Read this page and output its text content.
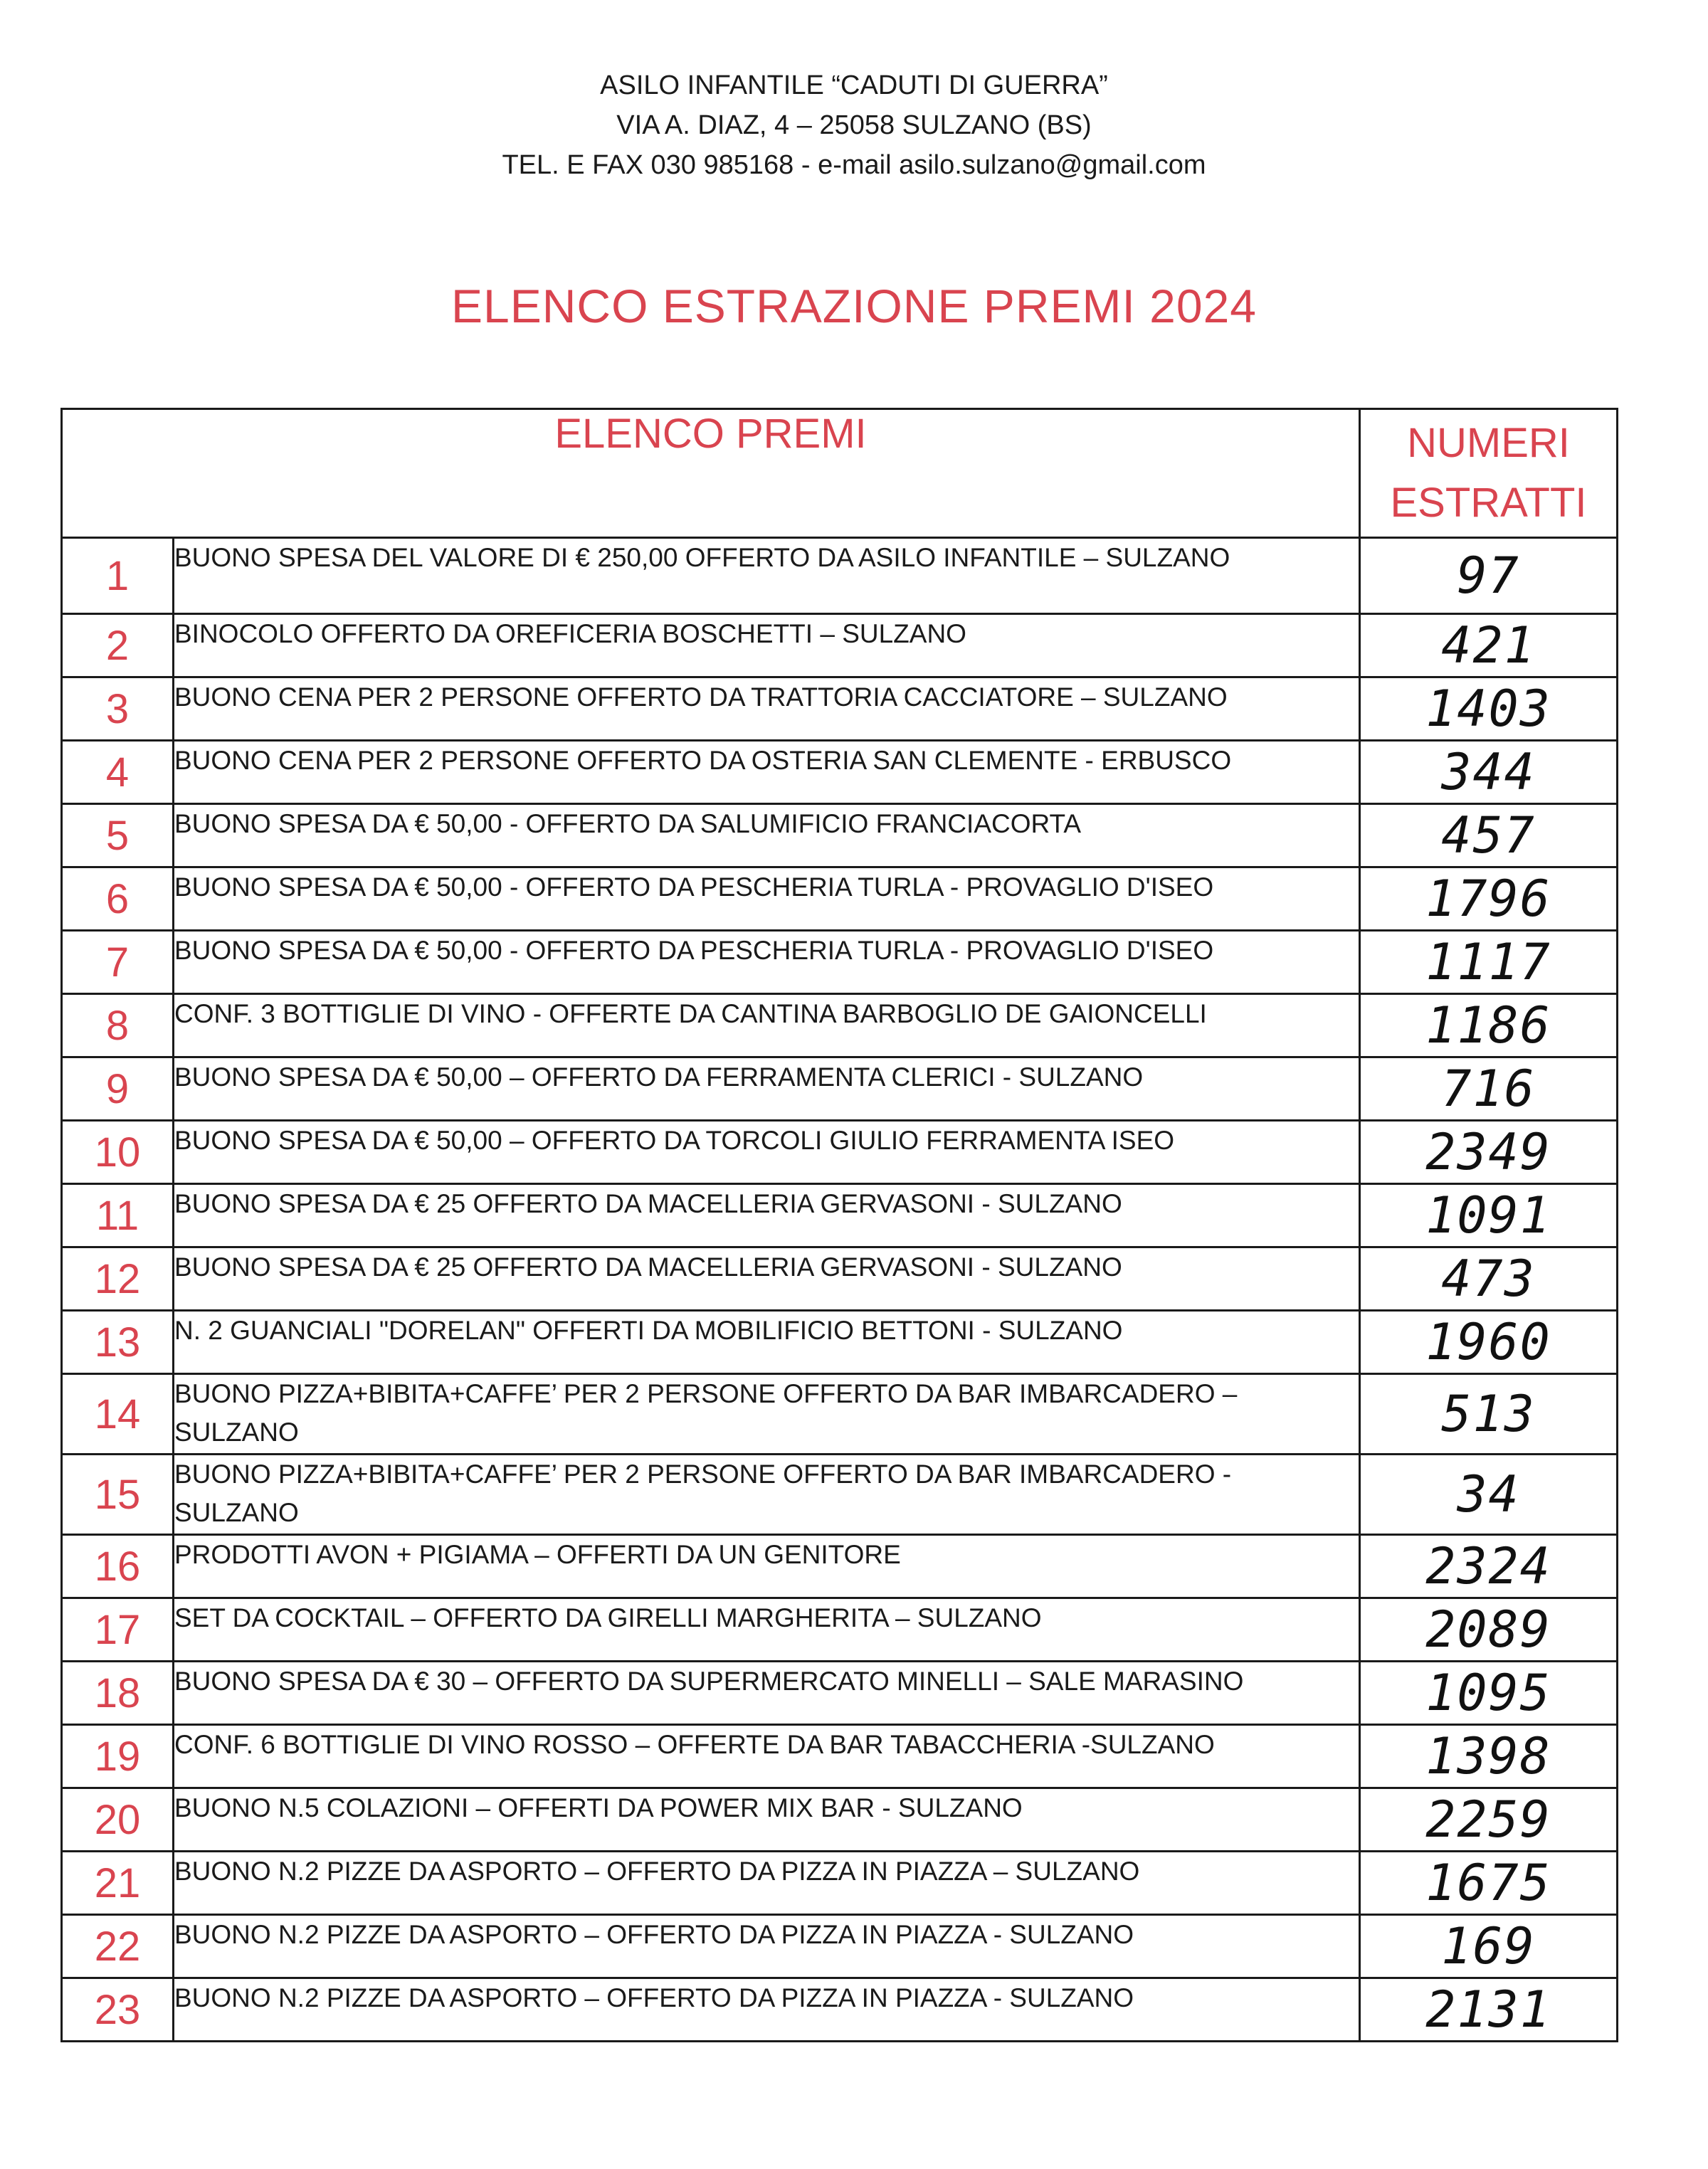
ASILO INFANTILE “CADUTI DI GUERRA”
VIA A. DIAZ, 4 – 25058 SULZANO (BS)
TEL. E FAX 030 985168 - e-mail asilo.sulzano@gmail.com
ELENCO ESTRAZIONE PREMI 2024
ELENCO PREMI		NUMERI
ESTRATTI
1	BUONO SPESA DEL VALORE DI € 250,00 OFFERTO DA ASILO INFANTILE – SULZANO	97
2	BINOCOLO OFFERTO DA OREFICERIA BOSCHETTI – SULZANO	421
3	BUONO CENA PER 2 PERSONE OFFERTO DA TRATTORIA CACCIATORE – SULZANO	1403
4	BUONO CENA PER 2 PERSONE OFFERTO DA OSTERIA SAN CLEMENTE - ERBUSCO	344
5	BUONO SPESA DA € 50,00 - OFFERTO DA SALUMIFICIO FRANCIACORTA	457
6	BUONO SPESA DA € 50,00 - OFFERTO DA PESCHERIA TURLA - PROVAGLIO D'ISEO	1796
7	BUONO SPESA DA € 50,00 - OFFERTO DA PESCHERIA TURLA - PROVAGLIO D'ISEO	1117
8	CONF. 3 BOTTIGLIE DI VINO - OFFERTE DA CANTINA BARBOGLIO DE GAIONCELLI	1186
9	BUONO SPESA DA € 50,00 – OFFERTO DA FERRAMENTA CLERICI - SULZANO	716
10	BUONO SPESA DA € 50,00 – OFFERTO DA TORCOLI GIULIO FERRAMENTA ISEO	2349
11	BUONO SPESA DA € 25 OFFERTO DA MACELLERIA GERVASONI - SULZANO	1091
12	BUONO SPESA DA € 25 OFFERTO DA MACELLERIA GERVASONI - SULZANO	473
13	N. 2 GUANCIALI "DORELAN" OFFERTI DA MOBILIFICIO BETTONI - SULZANO	1960
14	BUONO PIZZA+BIBITA+CAFFE’ PER 2 PERSONE OFFERTO DA BAR IMBARCADERO – SULZANO	513
15	BUONO PIZZA+BIBITA+CAFFE’ PER 2 PERSONE OFFERTO DA BAR IMBARCADERO - SULZANO	34
16	PRODOTTI AVON + PIGIAMA – OFFERTI DA UN GENITORE	2324
17	SET DA COCKTAIL – OFFERTO DA GIRELLI MARGHERITA – SULZANO	2089
18	BUONO SPESA DA € 30 – OFFERTO DA SUPERMERCATO MINELLI – SALE MARASINO	1095
19	CONF. 6 BOTTIGLIE DI VINO ROSSO – OFFERTE DA BAR TABACCHERIA -SULZANO	1398
20	BUONO N.5 COLAZIONI – OFFERTI DA POWER MIX BAR - SULZANO	2259
21	BUONO N.2 PIZZE DA ASPORTO – OFFERTO DA PIZZA IN PIAZZA – SULZANO	1675
22	BUONO N.2 PIZZE DA ASPORTO – OFFERTO DA PIZZA IN PIAZZA - SULZANO	169
23	BUONO N.2 PIZZE DA ASPORTO – OFFERTO DA PIZZA IN PIAZZA - SULZANO	2131
